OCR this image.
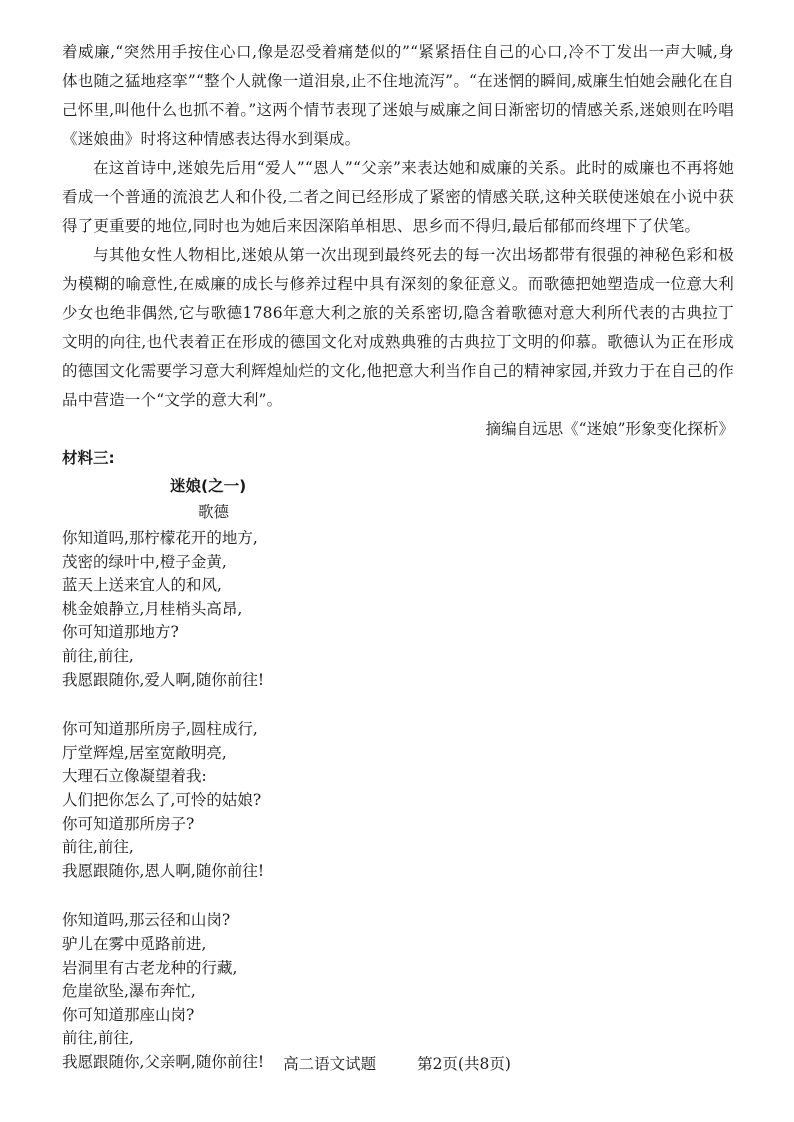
着威廉,“突然用手按住心口,像是忍受着痛楚似的”“紧紧捂住自己的心口,冷不丁发出一声大喊,身体也随之猛地痉挛”“整个人就像一道泪泉,止不住地流泻”。“在迷惘的瞬间,威廉生怕她会融化在自己怀里,叫他什么也抓不着。”这两个情节表现了迷娘与威廉之间日渐密切的情感关系,迷娘则在吟唱《迷娘曲》时将这种情感表达得水到渠成。

在这首诗中,迷娘先后用“爱人”“恩人”“父亲”来表达她和威廉的关系。此时的威廉也不再将她看成一个普通的流浪艺人和仆役,二者之间已经形成了紧密的情感关联,这种关联使迷娘在小说中获得了更重要的地位,同时也为她后来因深陷单相思、思乡而不得归,最后郁郁而终埋下了伏笔。

与其他女性人物相比,迷娘从第一次出现到最终死去的每一次出场都带有很强的神秘色彩和极为模糊的喻意性,在威廉的成长与修养过程中具有深刻的象征意义。而歌德把她塑造成一位意大利少女也绝非偶然,它与歌德1786年意大利之旅的关系密切,隐含着歌德对意大利所代表的古典拉丁文明的向往,也代表着正在形成的德国文化对成熟典雅的古典拉丁文明的仰慕。歌德认为正在形成的德国文化需要学习意大利辉煌灿烂的文化,他把意大利当作自己的精神家园,并致力于在自己的作品中营造一个“文学的意大利”。

摘编自远思《“迷娘”形象变化探析》

材料三:

迷娘(之一)

歌德

你知道吗,那柠檬花开的地方,

茂密的绿叶中,橙子金黄,

蓝天上送来宜人的和风,

桃金娘静立,月桂梢头高昂,

你可知道那地方?

前往,前往,

我愿跟随你,爱人啊,随你前往!

你可知道那所房子,圆柱成行,

厅堂辉煌,居室宽敞明亮,

大理石立像凝望着我:

人们把你怎么了,可怜的姑娘?

你可知道那所房子?

前往,前往,

我愿跟随你,恩人啊,随你前往!

你知道吗,那云径和山岗?

驴儿在雾中觅路前进,

岩洞里有古老龙种的行藏,

危崖欲坠,瀑布奔忙,

你可知道那座山岗?

前往,前往,

我愿跟随你,父亲啊,随你前往!	高二语文试题	第2页(共8页)
